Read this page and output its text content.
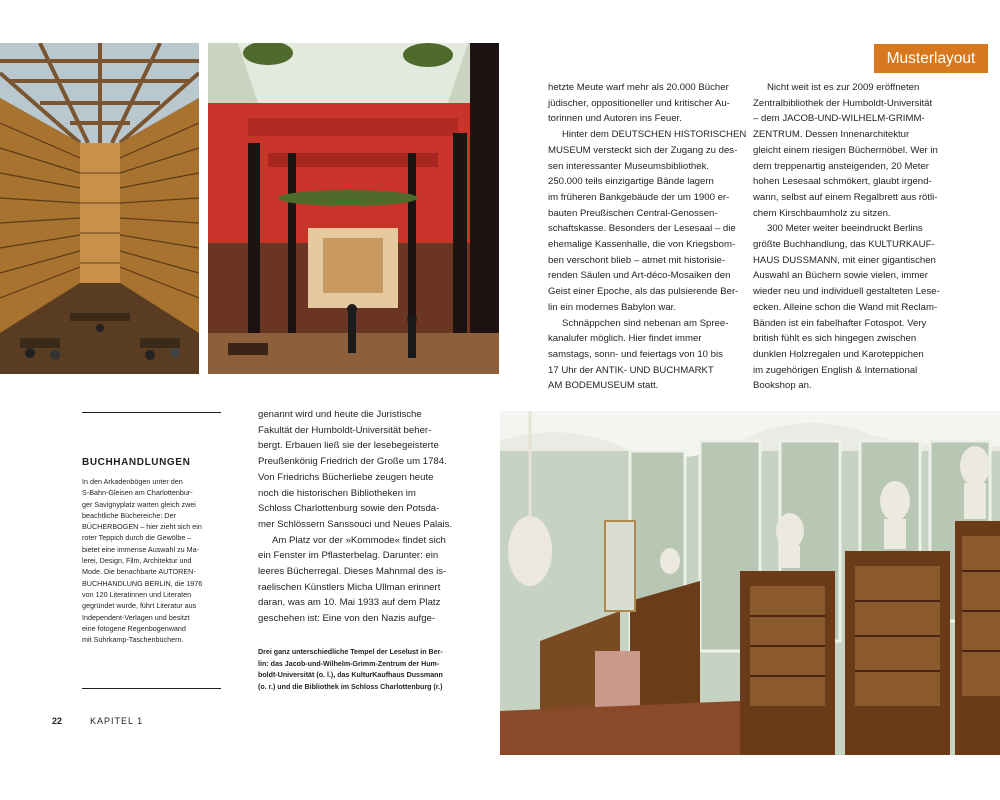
Musterlayout

hetzte Meute warf mehr als 20.000 Bücher

jüdischer, oppositioneller und kritischer Au-

torinnen und Autoren ins Feuer.

Hinter dem DEUTSCHEN HISTORISCHEN

MUSEUM versteckt sich der Zugang zu des-

sen interessanter Museumsbibliothek.

250.000 teils einzigartige Bände lagern

im früheren Bankgebäude der um 1900 er-

bauten Preußischen Central-Genossen-

schaftskasse. Besonders der Lesesaal – die

ehemalige Kassenhalle, die von Kriegsbom-

ben verschont blieb – atmet mit historisie-

renden Säulen und Art-déco-Mosaiken den

Geist einer Epoche, als das pulsierende Ber-

lin ein modernes Babylon war.

Schnäppchen sind nebenan am Spree-

kanalufer möglich. Hier findet immer

samstags, sonn- und feiertags von 10 bis

17 Uhr der ANTIK- UND BUCHMARKT

AM BODEMUSEUM statt.

Nicht weit ist es zur 2009 eröffneten

Zentralbibliothek der Humboldt-Universität

– dem JACOB-UND-WILHELM-GRIMM-

ZENTRUM. Dessen Innenarchitektur

gleicht einem riesigen Büchermöbel. Wer in

dem treppenartig ansteigenden, 20 Meter

hohen Lesesaal schmökert, glaubt irgend-

wann, selbst auf einem Regalbrett aus rötli-

chem Kirschbaumholz zu sitzen.

300 Meter weiter beeindruckt Berlins

größte Buchhandlung, das KULTURKAUF-

HAUS DUSSMANN, mit einer gigantischen

Auswahl an Büchern sowie vielen, immer

wieder neu und individuell gestalteten Lese-

ecken. Alleine schon die Wand mit Reclam-

Bänden ist ein fabelhafter Fotospot. Very

british fühlt es sich hingegen zwischen

dunklen Holzregalen und Karoteppichen

im zugehörigen English & International

Bookshop an.

BUCHHANDLUNGEN
In den Arkadenbögen unter den
S-Bahn-Gleisen am Charlottenbur-
ger Savignyplatz warten gleich zwei
beachtliche Büchereiche: Der
BÜCHERBOGEN – hier zieht sich ein
roter Teppich durch die Gewölbe –
bietet eine immense Auswahl zu Ma-
lerei, Design, Film, Architektur und
Mode. Die benachbarte AUTOREN-
BUCHHANDLUNG BERLIN, die 1976
von 120 Literatinnen und Literaten
gegründet wurde, führt Literatur aus
Independent-Verlagen und besitzt
eine fotogene Regenbogenwand
mit Suhrkamp-Taschenbüchern.

genannt wird und heute die Juristische

Fakultät der Humboldt-Universität beher-

bergt. Erbauen ließ sie der lesebegeisterte

Preußenkönig Friedrich der Große um 1784.

Von Friedrichs Bücherliebe zeugen heute

noch die historischen Bibliotheken im

Schloss Charlottenburg sowie den Potsda-

mer Schlössern Sanssouci und Neues Palais.

Am Platz vor der »Kommode« findet sich

ein Fenster im Pflasterbelag. Darunter: ein

leeres Bücherregal. Dieses Mahnmal des is-

raelischen Künstlers Micha Ullman erinnert

daran, was am 10. Mai 1933 auf dem Platz

geschehen ist: Eine von den Nazis aufge-

Drei ganz unterschiedliche Tempel der Leselust in Ber-
lin: das Jacob-und-Wilhelm-Grimm-Zentrum der Hum-
boldt-Universität (o. l.), das KulturKaufhaus Dussmann
(o. r.) und die Bibliothek im Schloss Charlottenburg (r.)
22	KAPITEL 1
